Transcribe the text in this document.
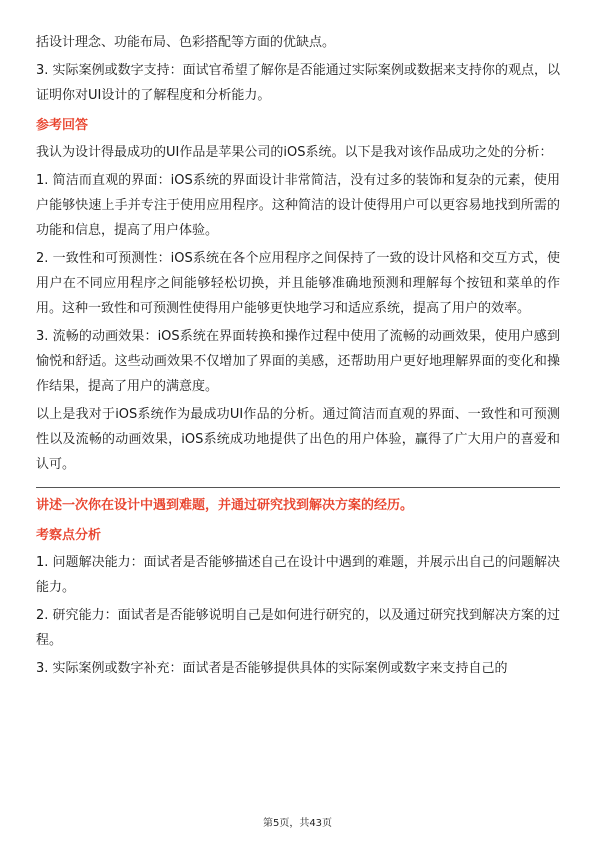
括设计理念、功能布局、色彩搭配等方面的优缺点。

3. 实际案例或数字支持：面试官希望了解你是否能通过实际案例或数据来支持你的观点，以证明你对UI设计的了解程度和分析能力。

参考回答

我认为设计得最成功的UI作品是苹果公司的iOS系统。以下是我对该作品成功之处的分析：

1. 简洁而直观的界面：iOS系统的界面设计非常简洁，没有过多的装饰和复杂的元素，使用户能够快速上手并专注于使用应用程序。这种简洁的设计使得用户可以更容易地找到所需的功能和信息，提高了用户体验。

2. 一致性和可预测性：iOS系统在各个应用程序之间保持了一致的设计风格和交互方式，使用户在不同应用程序之间能够轻松切换，并且能够准确地预测和理解每个按钮和菜单的作用。这种一致性和可预测性使得用户能够更快地学习和适应系统，提高了用户的效率。

3. 流畅的动画效果：iOS系统在界面转换和操作过程中使用了流畅的动画效果，使用户感到愉悦和舒适。这些动画效果不仅增加了界面的美感，还帮助用户更好地理解界面的变化和操作结果，提高了用户的满意度。

以上是我对于iOS系统作为最成功UI作品的分析。通过简洁而直观的界面、一致性和可预测性以及流畅的动画效果，iOS系统成功地提供了出色的用户体验，赢得了广大用户的喜爱和认可。

讲述一次你在设计中遇到难题，并通过研究找到解决方案的经历。
考察点分析

1. 问题解决能力：面试者是否能够描述自己在设计中遇到的难题，并展示出自己的问题解决能力。

2. 研究能力：面试者是否能够说明自己是如何进行研究的，以及通过研究找到解决方案的过程。

3. 实际案例或数字补充：面试者是否能够提供具体的实际案例或数字来支持自己的

第5页，共43页
